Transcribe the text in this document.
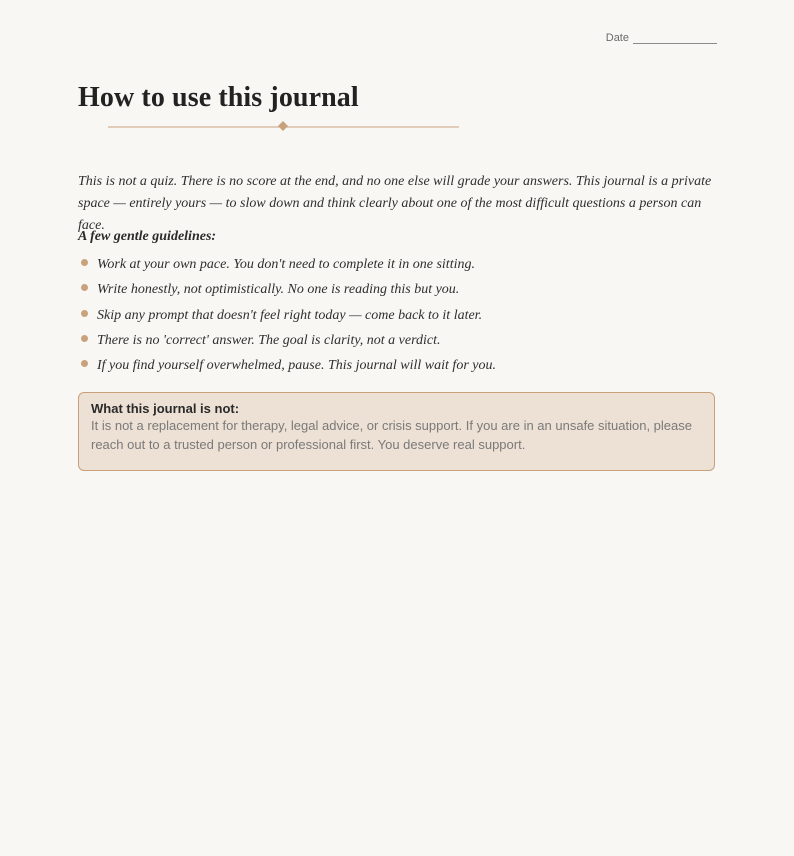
Date
How to use this journal

This is not a quiz. There is no score at the end, and no one else will grade your answers. This journal is a private space — entirely yours — to slow down and think clearly about one of the most difficult questions a person can face.

A few gentle guidelines:

Work at your own pace. You don't need to complete it in one sitting.
Write honestly, not optimistically. No one is reading this but you.
Skip any prompt that doesn't feel right today — come back to it later.
There is no 'correct' answer. The goal is clarity, not a verdict.
If you find yourself overwhelmed, pause. This journal will wait for you.

What this journal is not:

It is not a replacement for therapy, legal advice, or crisis support. If you are in an unsafe situation, please reach out to a trusted person or professional first. You deserve real support.
